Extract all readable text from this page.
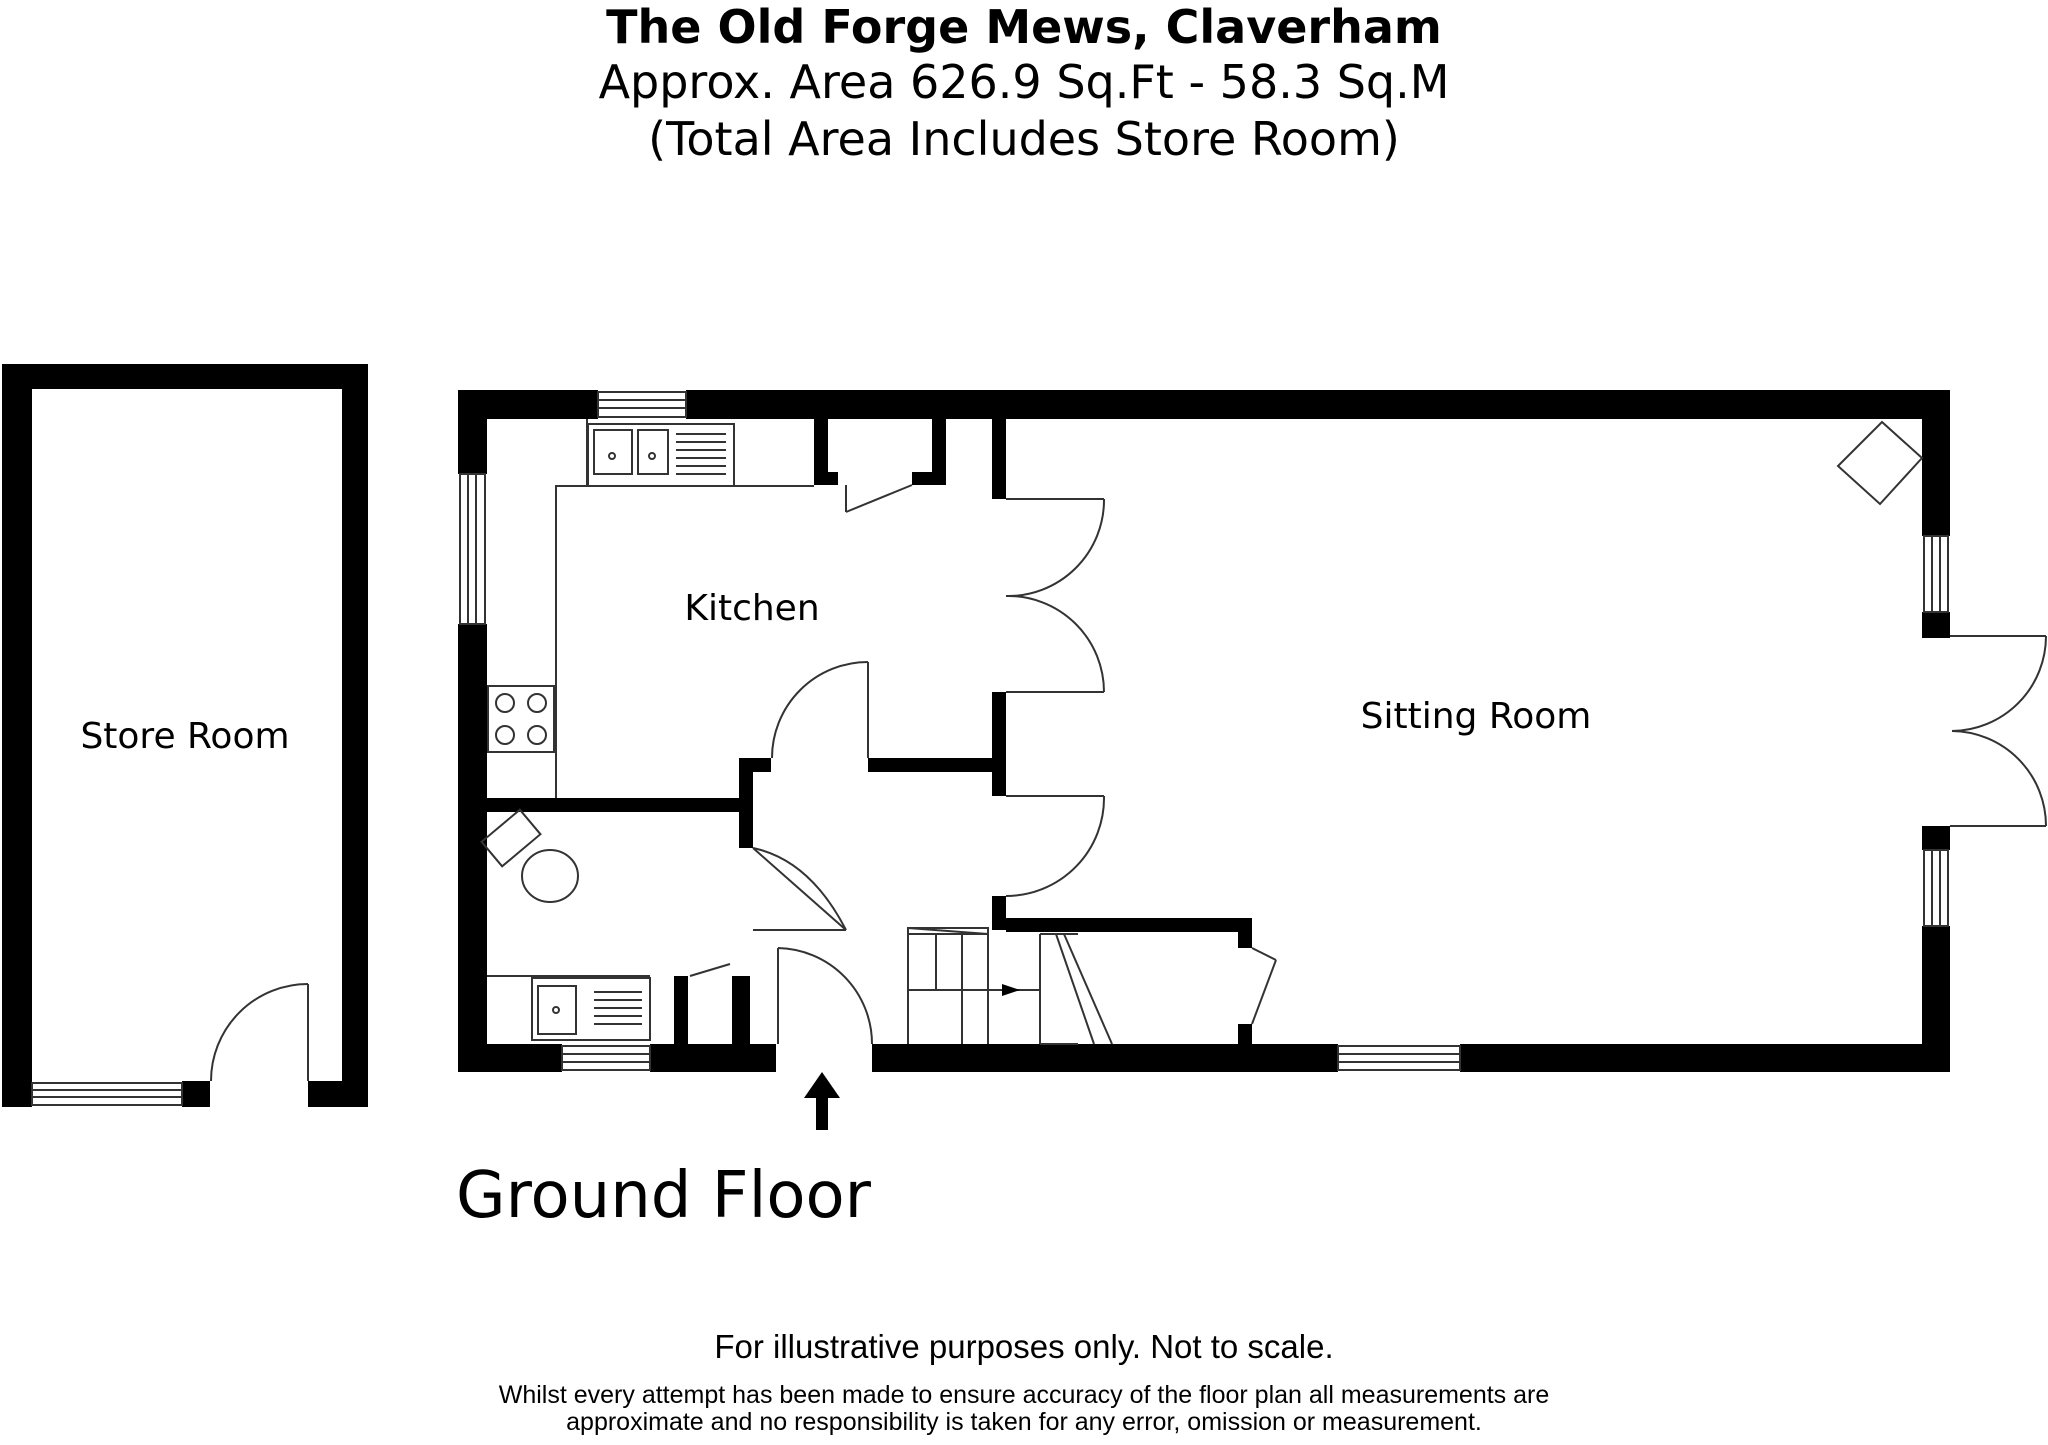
The Old Forge Mews, Claverham
Approx. Area 626.9 Sq.Ft - 58.3 Sq.M
(Total Area Includes Store Room)
Store Room
Kitchen
Sitting Room
Ground Floor
For illustrative purposes only. Not to scale.
Whilst every attempt has been made to ensure accuracy of the floor plan all measurements are
approximate and no responsibility is taken for any error, omission or measurement.
